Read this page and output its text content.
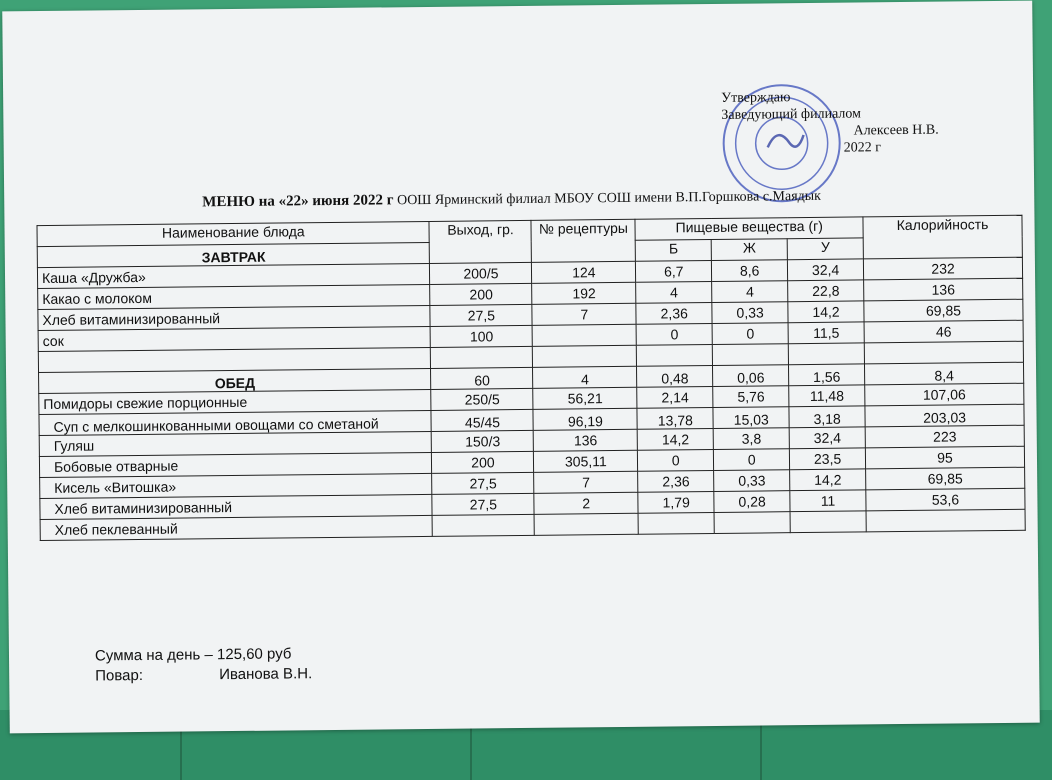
Утверждаю
Заведующий филиалом
Алексеев Н.В.
2022 г
МЕНЮ на «22» июня 2022 г ООШ Ярминский филиал МБОУ СОШ имени В.П.Горшкова с.Маядык
Наименование блюда	Выход, гр.	№ рецептуры	Пищевые вещества (г)			Калорийность
ЗАВТРАК			Б	Ж	У	
Каша «Дружба»	200/5	124	6,7	8,6	32,4	232
Какао с молоком	200	192	4	4	22,8	136
Хлеб витаминизированный	27,5	7	2,36	0,33	14,2	69,85
сок	100		0	0	11,5	46

ОБЕД	60	4	0,48	0,06	1,56	8,4
Помидоры свежие порционные	250/5	56,21	2,14	5,76	11,48	107,06
Суп с мелкошинкованными овощами со сметаной	45/45	96,19	13,78	15,03	3,18	203,03
Гуляш	150/3	136	14,2	3,8	32,4	223
Бобовые отварные	200	305,11	0	0	23,5	95
Кисель «Витошка»	27,5	7	2,36	0,33	14,2	69,85
Хлеб витаминизированный	27,5	2	1,79	0,28	11	53,6
Хлеб пеклеванный						
Сумма на день – 125,60 руб
Повар:	Иванова В.Н.
